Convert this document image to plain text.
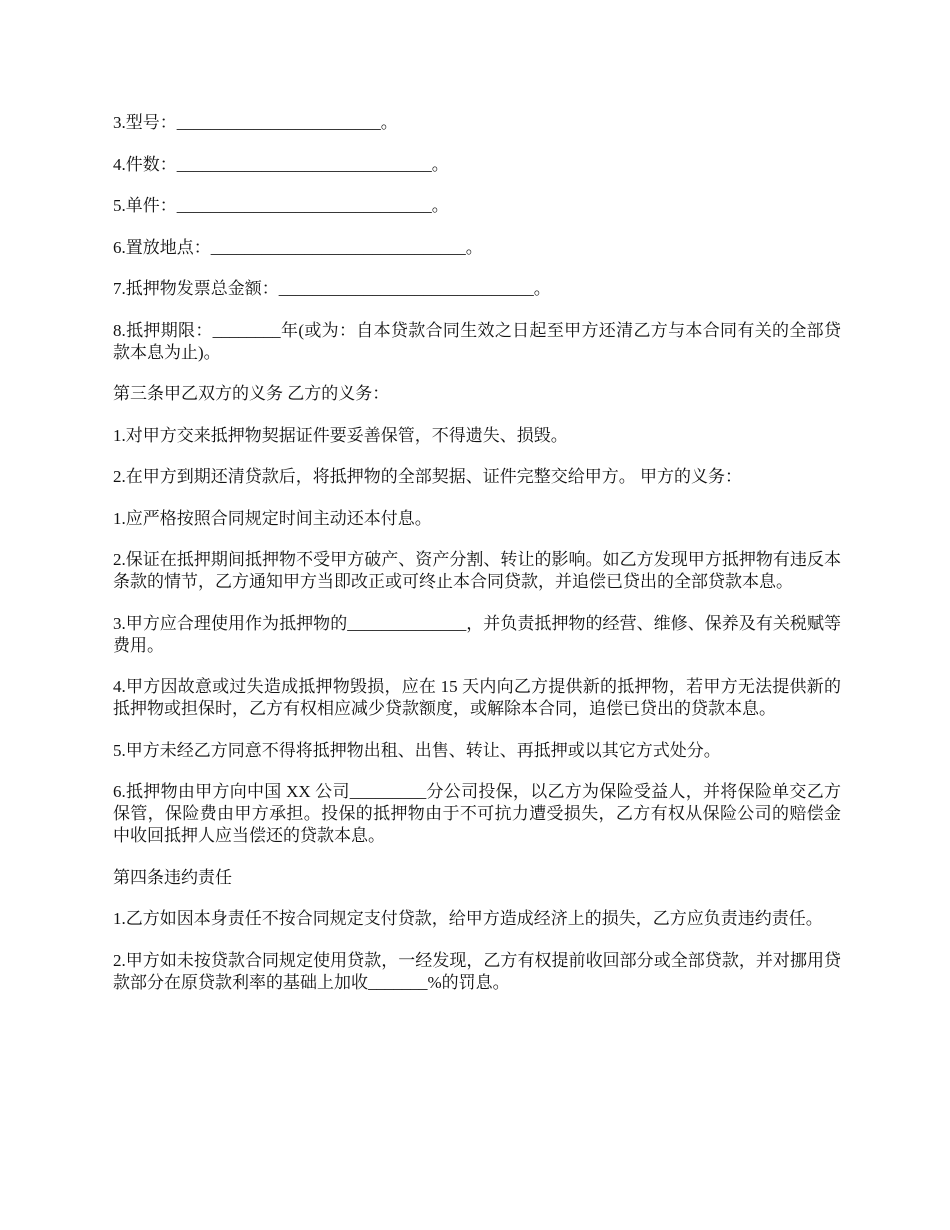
3.型号：________________________。

4.件数：______________________________。

5.单件：______________________________。

6.置放地点：______________________________。

7.抵押物发票总金额：______________________________。

8.抵押期限：________年(或为：自本贷款合同生效之日起至甲方还清乙方与本合同有关的全部贷款本息为止)。

第三条甲乙双方的义务 乙方的义务：

1.对甲方交来抵押物契据证件要妥善保管，不得遗失、损毁。

2.在甲方到期还清贷款后，将抵押物的全部契据、证件完整交给甲方。 甲方的义务：

1.应严格按照合同规定时间主动还本付息。

2.保证在抵押期间抵押物不受甲方破产、资产分割、转让的影响。如乙方发现甲方抵押物有违反本条款的情节，乙方通知甲方当即改正或可终止本合同贷款，并追偿已贷出的全部贷款本息。

3.甲方应合理使用作为抵押物的______________，并负责抵押物的经营、维修、保养及有关税赋等费用。

4.甲方因故意或过失造成抵押物毁损，应在 15 天内向乙方提供新的抵押物，若甲方无法提供新的抵押物或担保时，乙方有权相应减少贷款额度，或解除本合同，追偿已贷出的贷款本息。

5.甲方未经乙方同意不得将抵押物出租、出售、转让、再抵押或以其它方式处分。

6.抵押物由甲方向中国 XX 公司_________分公司投保，以乙方为保险受益人，并将保险单交乙方保管，保险费由甲方承担。投保的抵押物由于不可抗力遭受损失，乙方有权从保险公司的赔偿金中收回抵押人应当偿还的贷款本息。

第四条违约责任

1.乙方如因本身责任不按合同规定支付贷款，给甲方造成经济上的损失，乙方应负责违约责任。

2.甲方如未按贷款合同规定使用贷款，一经发现，乙方有权提前收回部分或全部贷款，并对挪用贷款部分在原贷款利率的基础上加收_______%的罚息。
